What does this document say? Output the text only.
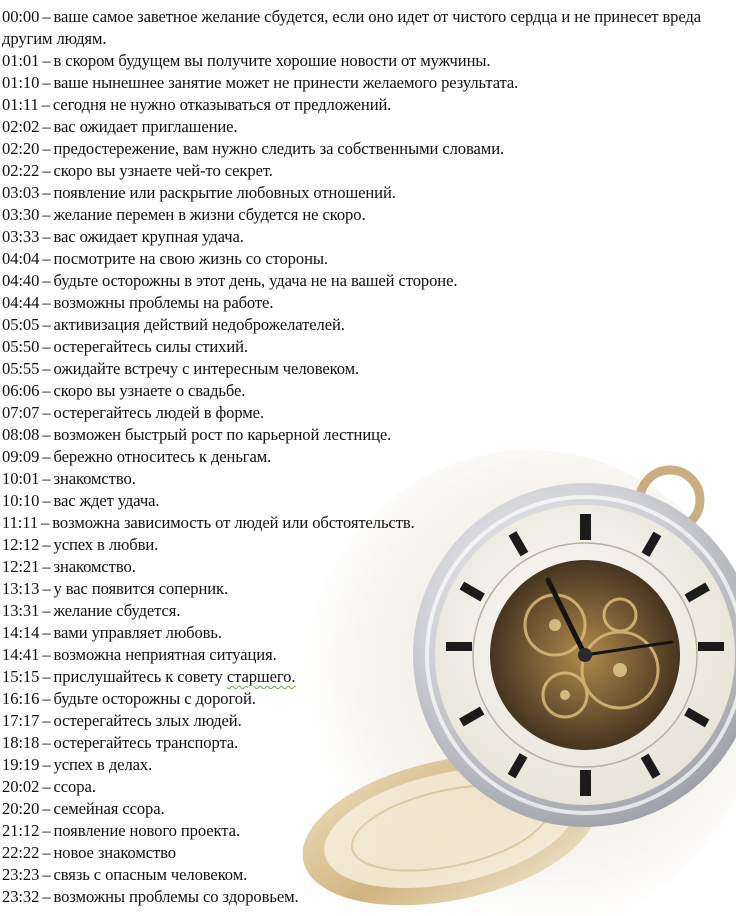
00:00 – ваше самое заветное желание сбудется, если оно идет от чистого сердца и не принесет вреда другим людям.
01:01 – в скором будущем вы получите хорошие новости от мужчины.
01:10 – ваше нынешнее занятие может не принести желаемого результата.
01:11 – сегодня не нужно отказываться от предложений.
02:02 – вас ожидает приглашение.
02:20 – предостережение, вам нужно следить за собственными словами.
02:22 – скоро вы узнаете чей-то секрет.
03:03 – появление или раскрытие любовных отношений.
03:30 – желание перемен в жизни сбудется не скоро.
03:33 – вас ожидает крупная удача.
04:04 – посмотрите на свою жизнь со стороны.
04:40 – будьте осторожны в этот день, удача не на вашей стороне.
04:44 – возможны проблемы на работе.
05:05 – активизация действий недоброжелателей.
05:50 – остерегайтесь силы стихий.
05:55 – ожидайте встречу с интересным человеком.
06:06 – скоро вы узнаете о свадьбе.
07:07 – остерегайтесь людей в форме.
08:08 – возможен быстрый рост по карьерной лестнице.
09:09 – бережно относитесь к деньгам.
10:01 – знакомство.
10:10 – вас ждет удача.
11:11 – возможна зависимость от людей или обстоятельств.
12:12 – успех в любви.
12:21 – знакомство.
13:13 – у вас появится соперник.
13:31 – желание сбудется.
14:14 – вами управляет любовь.
14:41 – возможна неприятная ситуация.
15:15 – прислушайтесь к совету старшего.
16:16 – будьте осторожны с дорогой.
17:17 – остерегайтесь злых людей.
18:18 – остерегайтесь транспорта.
19:19 – успех в делах.
20:02 – ссора.
20:20 – семейная ссора.
21:12 – появление нового проекта.
22:22 – новое знакомство
23:23 – связь с опасным человеком.
23:32 – возможны проблемы со здоровьем.
